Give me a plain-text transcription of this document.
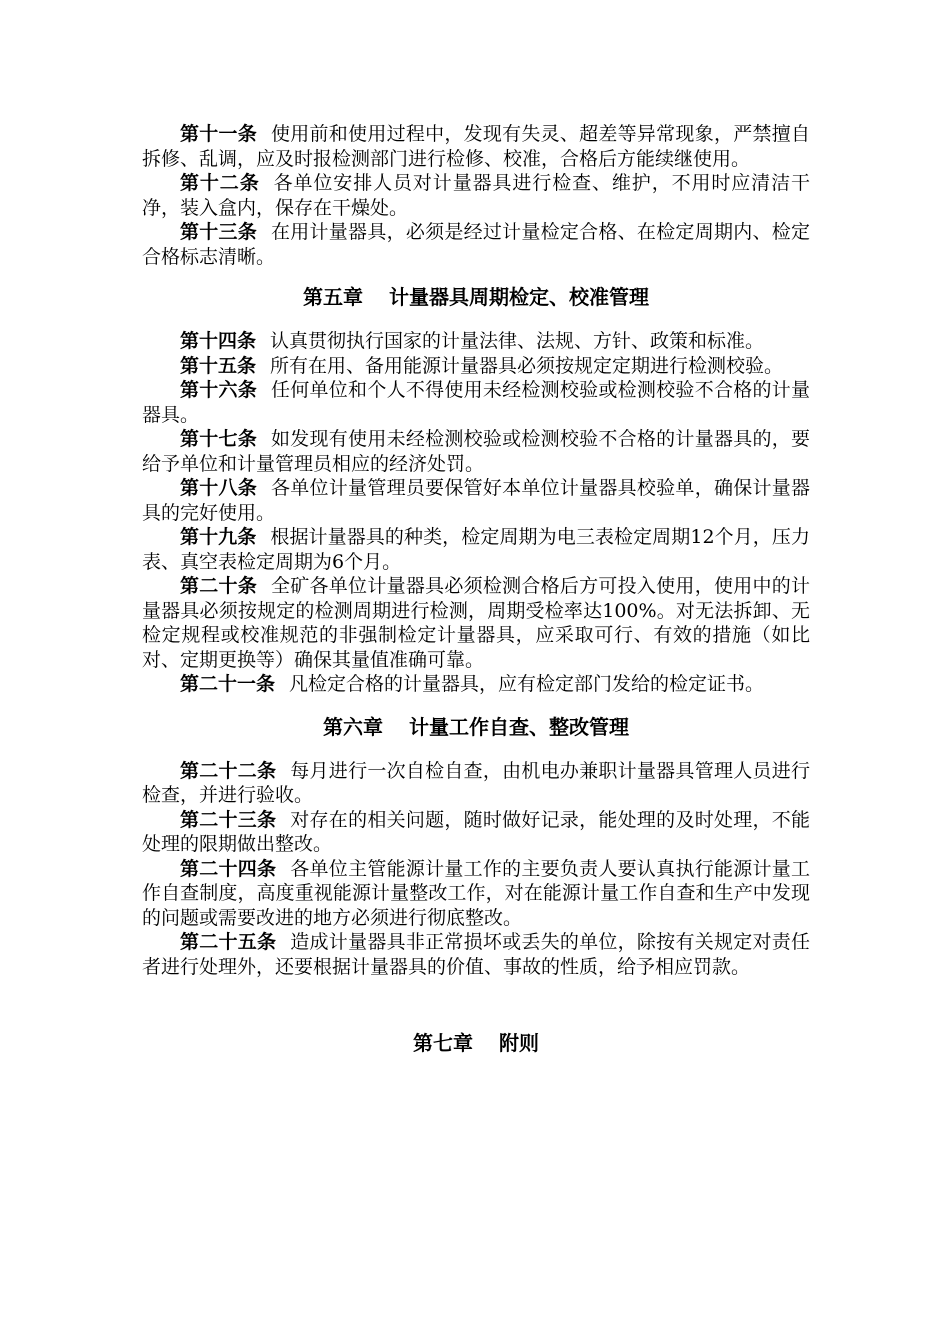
第十一条 使用前和使用过程中，发现有失灵、超差等异常现象，严禁擅自拆修、乱调，应及时报检测部门进行检修、校准，合格后方能续继使用。

第十二条 各单位安排人员对计量器具进行检查、维护，不用时应清洁干净，装入盒内，保存在干燥处。

第十三条 在用计量器具，必须是经过计量检定合格、在检定周期内、检定合格标志清晰。

第五章 计量器具周期检定、校准管理

第十四条 认真贯彻执行国家的计量法律、法规、方针、政策和标准。

第十五条 所有在用、备用能源计量器具必须按规定定期进行检测校验。

第十六条 任何单位和个人不得使用未经检测校验或检测校验不合格的计量器具。

第十七条 如发现有使用未经检测校验或检测校验不合格的计量器具的，要给予单位和计量管理员相应的经济处罚。

第十八条 各单位计量管理员要保管好本单位计量器具校验单，确保计量器具的完好使用。

第十九条 根据计量器具的种类，检定周期为电三表检定周期12个月，压力表、真空表检定周期为6个月。

第二十条 全矿各单位计量器具必须检测合格后方可投入使用，使用中的计量器具必须按规定的检测周期进行检测，周期受检率达100%。对无法拆卸、无检定规程或校准规范的非强制检定计量器具，应采取可行、有效的措施（如比对、定期更换等）确保其量值准确可靠。

第二十一条 凡检定合格的计量器具，应有检定部门发给的检定证书。

第六章 计量工作自查、整改管理

第二十二条 每月进行一次自检自查，由机电办兼职计量器具管理人员进行检查，并进行验收。

第二十三条 对存在的相关问题，随时做好记录，能处理的及时处理，不能处理的限期做出整改。

第二十四条 各单位主管能源计量工作的主要负责人要认真执行能源计量工作自查制度，高度重视能源计量整改工作，对在能源计量工作自查和生产中发现的问题或需要改进的地方必须进行彻底整改。

第二十五条 造成计量器具非正常损坏或丢失的单位，除按有关规定对责任者进行处理外，还要根据计量器具的价值、事故的性质，给予相应罚款。

第七章 附则
